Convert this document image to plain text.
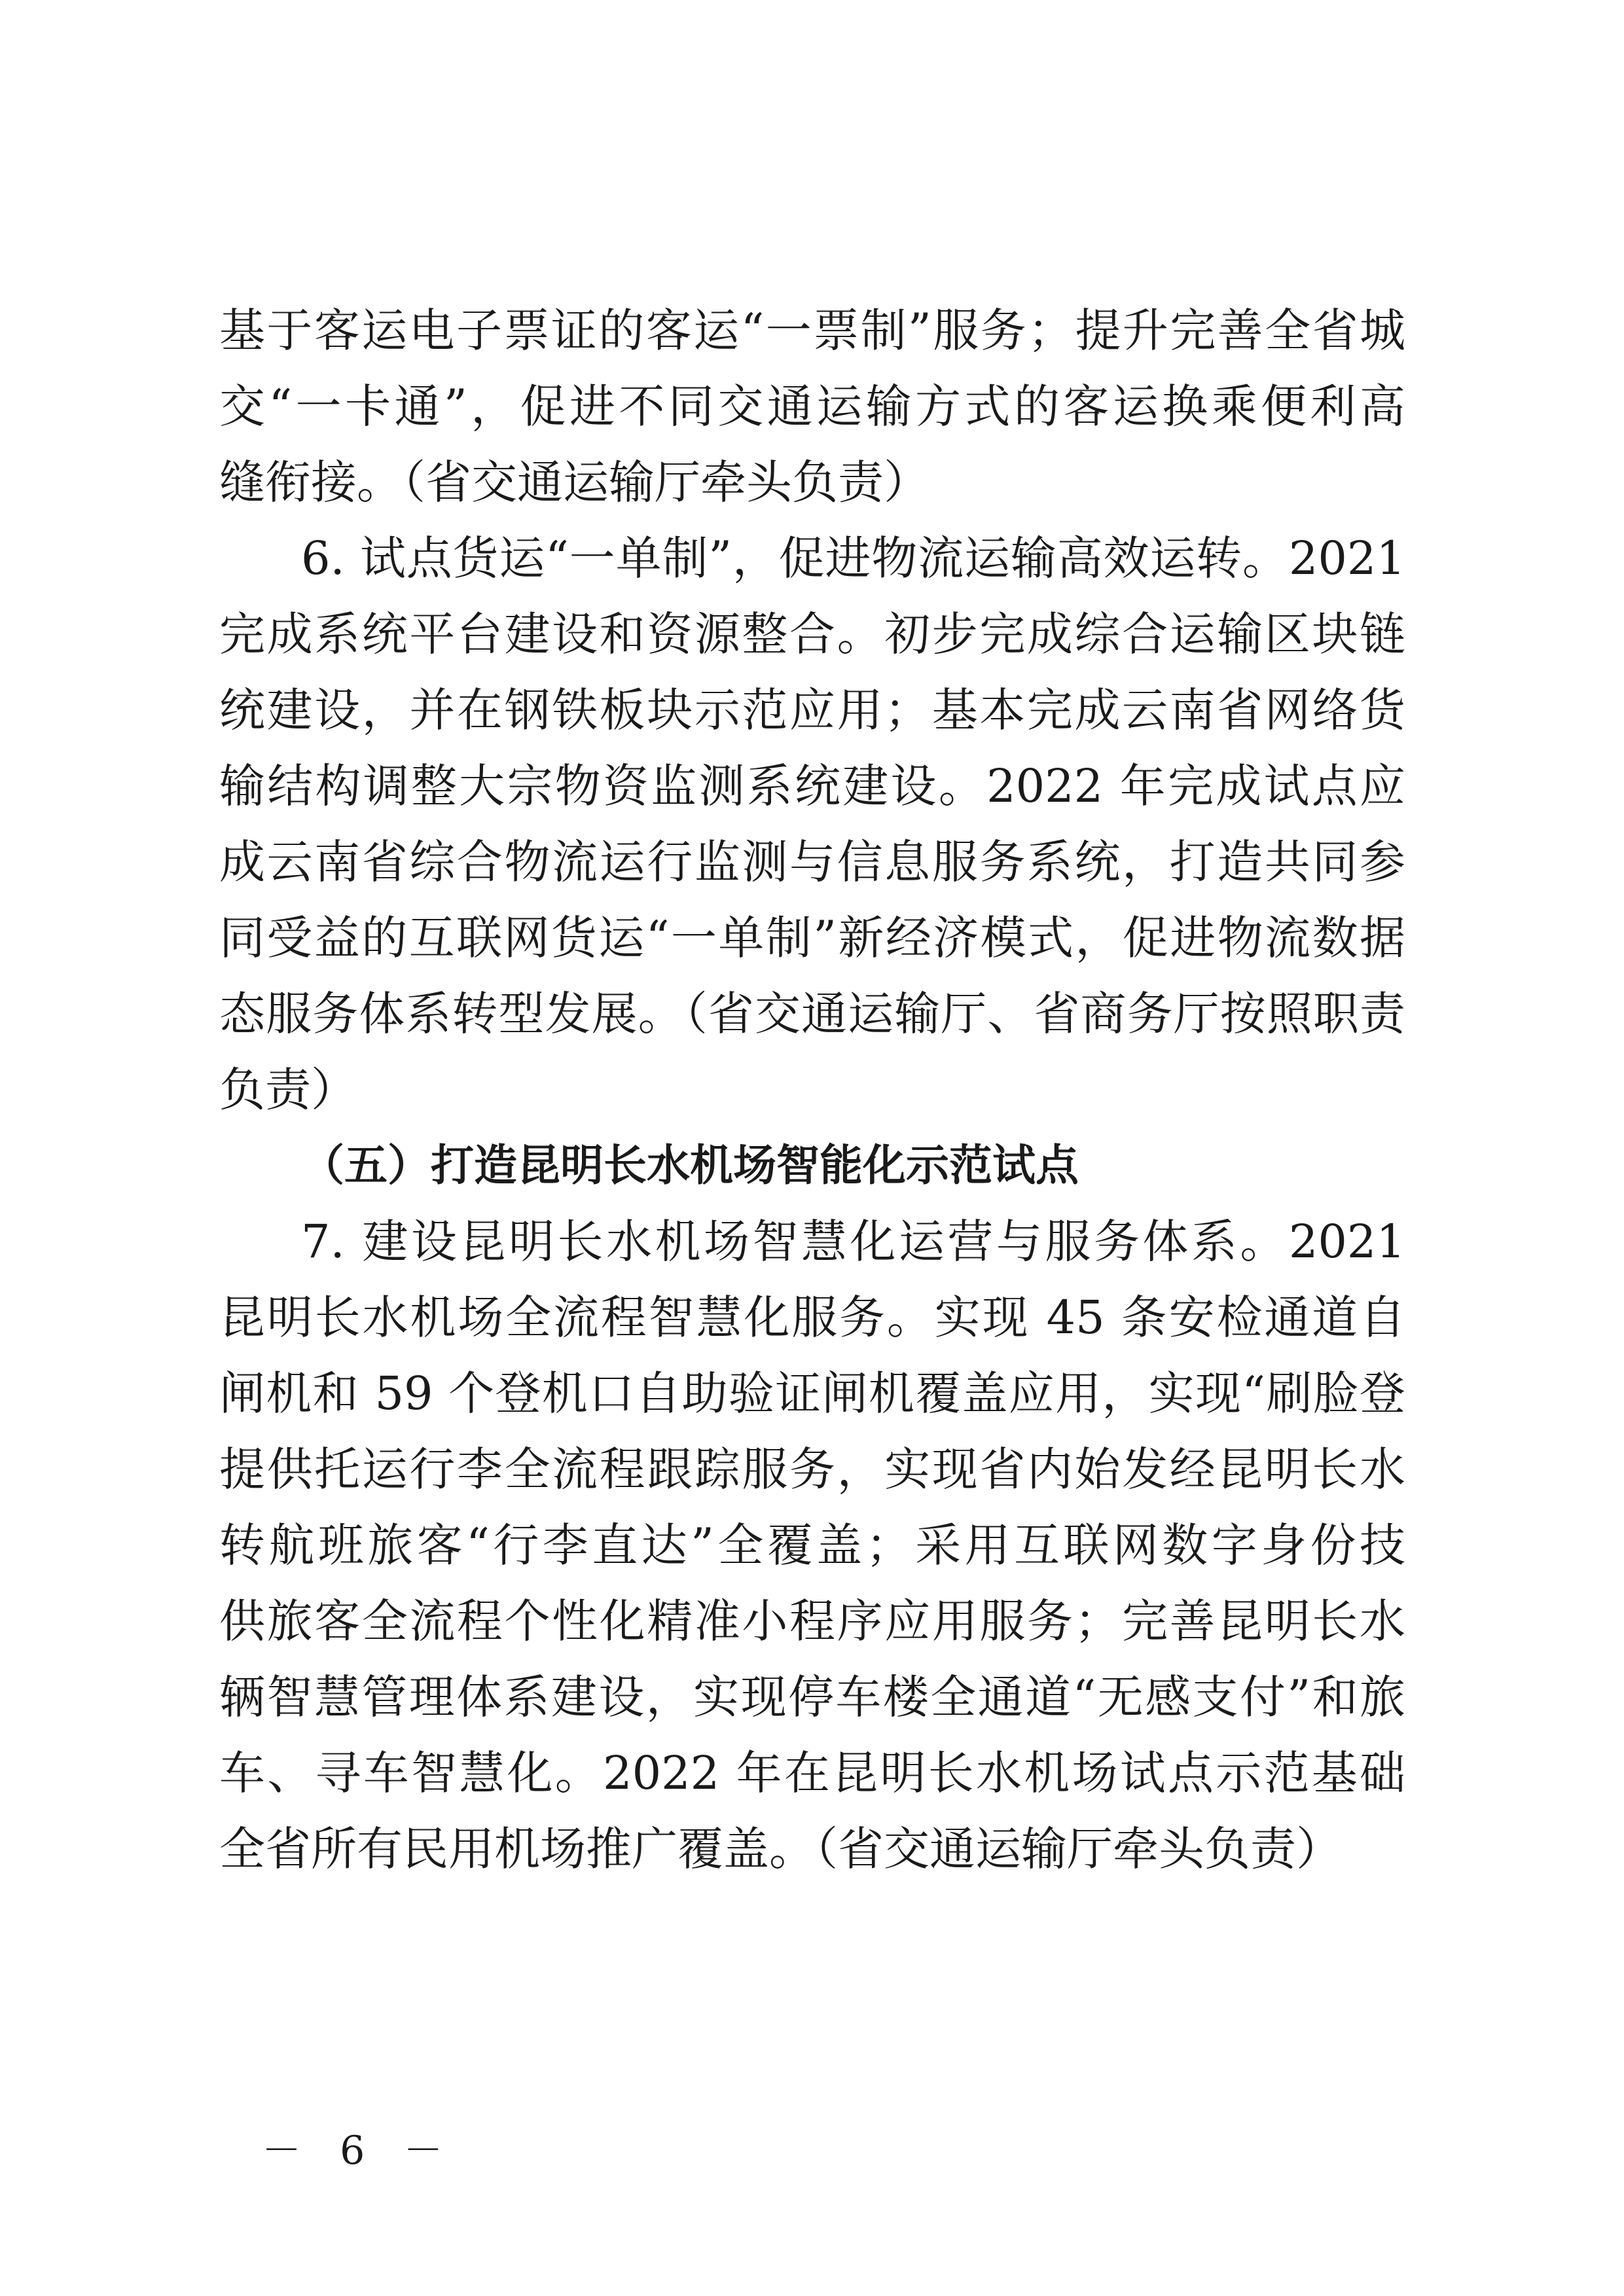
基于客运电子票证的客运“一票制”服务；提升完善全省城
交“一卡通”，促进不同交通运输方式的客运换乘便利高
缝衔接。（省交通运输厅牵头负责）
6. 试点货运“一单制”，促进物流运输高效运转。2021
完成系统平台建设和资源整合。初步完成综合运输区块链
统建设，并在钢铁板块示范应用；基本完成云南省网络货
输结构调整大宗物资监测系统建设。2022 年完成试点应
成云南省综合物流运行监测与信息服务系统，打造共同参
同受益的互联网货运“一单制”新经济模式，促进物流数据
态服务体系转型发展。（省交通运输厅、省商务厅按照职责
负责）
（五）打造昆明长水机场智能化示范试点
7. 建设昆明长水机场智慧化运营与服务体系。2021
昆明长水机场全流程智慧化服务。实现 45 条安检通道自
闸机和 59 个登机口自助验证闸机覆盖应用，实现“刷脸登
提供托运行李全流程跟踪服务，实现省内始发经昆明长水
转航班旅客“行李直达”全覆盖；采用互联网数字身份技
供旅客全流程个性化精准小程序应用服务；完善昆明长水
辆智慧管理体系建设，实现停车楼全通道“无感支付”和旅
车、寻车智慧化。2022 年在昆明长水机场试点示范基础
全省所有民用机场推广覆盖。（省交通运输厅牵头负责）
－ 6 －
